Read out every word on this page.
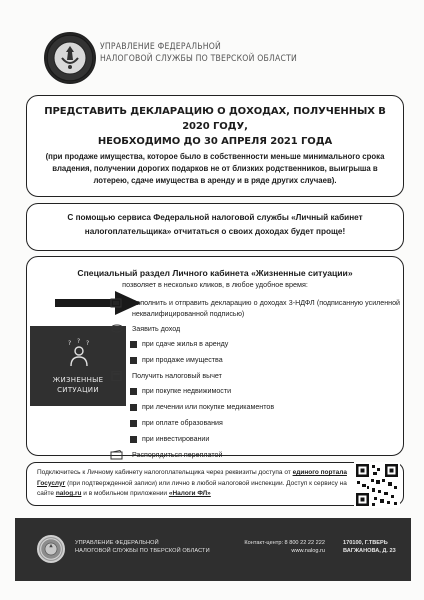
УПРАВЛЕНИЕ ФЕДЕРАЛЬНОЙ
НАЛОГОВОЙ СЛУЖБЫ ПО ТВЕРСКОЙ ОБЛАСТИ
ПРЕДСТАВИТЬ ДЕКЛАРАЦИЮ О ДОХОДАХ, ПОЛУЧЕННЫХ В 2020 ГОДУ,
НЕОБХОДИМО ДО 30 АПРЕЛЯ 2021 ГОДА
(при продаже имущества, которое было в собственности меньше минимального срока владения, получении дорогих подарков не от близких родственников, выигрыша в лотерею, сдаче имущества в аренду и в ряде других случаев).
С помощью сервиса Федеральной налоговой службы «Личный кабинет налогоплательщика» отчитаться о своих доходах будет проще!
Специальный раздел Личного кабинета «Жизненные ситуации»
позволяет в несколько кликов, в любое удобное время:
? ? ?
ЖИЗНЕННЫЕ
СИТУАЦИИ
Заполнить и отправить декларацию о доходах 3-НДФЛ (подписанную усиленной неквалифицированной подписью)
Заявить доход
при сдаче жилья в аренду
при продаже имущества
Получить налоговый вычет
при покупке недвижимости
при лечении или покупке медикаментов
при оплате образования
при инвестировании
Распорядиться переплатой
Подключитесь к Личному кабинету налогоплательщика через реквизиты доступа от единого портала Госуслуг (при подтвержденной записи) или лично в любой налоговой инспекции. Доступ к сервису на сайте nalog.ru и в мобильном приложении «Налоги ФЛ»
УПРАВЛЕНИЕ ФЕДЕРАЛЬНОЙ
НАЛОГОВОЙ СЛУЖБЫ ПО ТВЕРСКОЙ ОБЛАСТИ
Контакт-центр: 8 800 22 22 222
www.nalog.ru
170100, Г.ТВЕРЬ
ВАГЖАНОВА, Д. 23
